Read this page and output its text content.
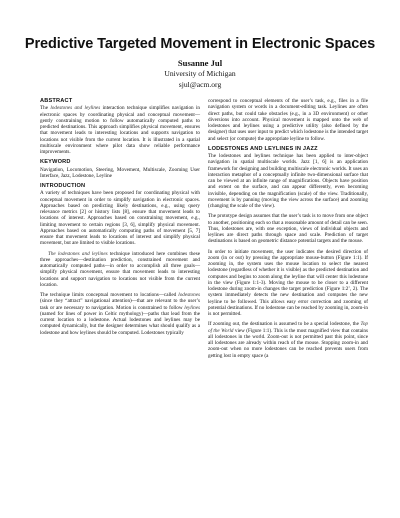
Predictive Targeted Movement in Electronic Spaces
Susanne Jul
University of Michigan
sjul@acm.org
ABSTRACT

The lodestones and leylines interaction technique simplifies navigation in electronic spaces by coordinating physical and conceptual movement—gently constraining motion to follow automatically computed paths to predicted destinations. This approach simplifies physical movement, ensures that movement leads to interesting locations and supports navigation to locations not visible from the current location. It is illustrated in a spatial multiscale environment where pilot data show reliable performance improvements.

KEYWORD

Navigation, Locomotion, Steering, Movement, Multiscale, Zooming User Interface, Jazz, Lodestone, Leyline

INTRODUCTION

A variety of techniques have been proposed for coordinating physical with conceptual movement in order to simplify navigation in electronic spaces. Approaches based on predicting likely destinations, e.g., using query relevance metrics [2] or history lists [8], ensure that movement leads to locations of interest. Approaches based on constraining movement, e.g., limiting movement to certain regions [3, 6], simplify physical movement. Approaches based on automatically computing paths of movement [5, 7] ensure that movement leads to locations of interest and simplify physical movement, but are limited to visible locations.

The lodestones and leylines technique introduced here combines these three approaches—destination prediction, constrained movement and automatically computed paths—in order to accomplish all three goals—simplify physical movement, ensure that movement leads to interesting locations and support navigation to locations not visible from the current location.

The technique limits conceptual movement to locations—called lodestones (since they “attract” navigational attention)—that are relevant to the user’s task or are necessary to navigation. Motion is constrained to follow leylines (named for lines of power in Celtic mythology)—paths that lead from the current location to a lodestone. Actual lodestones and leylines may be computed dynamically, but the designer determines what should qualify as a lodestone and how leylines should be computed. Lodestones typically

correspond to conceptual elements of the user’s task, e.g., files in a file navigation system or words in a document-editing task. Leylines are often direct paths, but could take obstacles (e.g., in a 3D environment) or other diversions into account. Physical movement is mapped onto the web of lodestones and leylines using a predictive utility (also defined by the designer) that uses user input to predict which lodestone is the intended target and select (or compute) the appropriate leyline to follow.

LODESTONES AND LEYLINES IN JAZZ

The lodestones and leylines technique has been applied to inter-object navigation in spatial multiscale worlds. Jazz [1, 6] is an application framework for designing and building multiscale electronic worlds. It uses an interaction metaphor of a conceptually infinite two-dimensional surface that can be viewed at an infinite range of magnifications. Objects have position and extent on the surface, and can appear differently, even becoming invisible, depending on the magnification (scale) of the view. Traditionally, movement is by panning (moving the view across the surface) and zooming (changing the scale of the view).

The prototype design assumes that the user’s task is to move from one object to another, positioning each so that a reasonable amount of detail can be seen. Thus, lodestones are, with one exception, views of individual objects and leylines are direct paths through space and scale. Prediction of target destinations is based on geometric distance potential targets and the mouse.

In order to initiate movement, the user indicates the desired direction of zoom (in or out) by pressing the appropriate mouse-button (Figure 1:1). If zooming in, the system uses the mouse location to select the nearest lodestone (regardless of whether it is visible) as the predicted destination and computes and begins to zoom along the leyline that will center this lodestone in the view (Figure 1:1-3). Moving the mouse to be closer to a different lodestone during zoom-in changes the target prediction (Figure 1:2’, 2). The system immediately detects the new destination and computes the new leyline to be followed. This allows easy error correction and zooming of potential destinations. If no lodestone can be reached by zooming in, zoom-in is not permitted.

If zooming out, the destination is assumed to be a special lodestone, the Top of the World view (Figure 1:1). This is the most magnified view that contains all lodestones in the world. Zoom-out is not permitted past this point, since all lodestones are already within reach of the mouse. Stopping zoom-in and zoom-out when no more lodestones can be reached prevents users from getting lost in empty space (a
